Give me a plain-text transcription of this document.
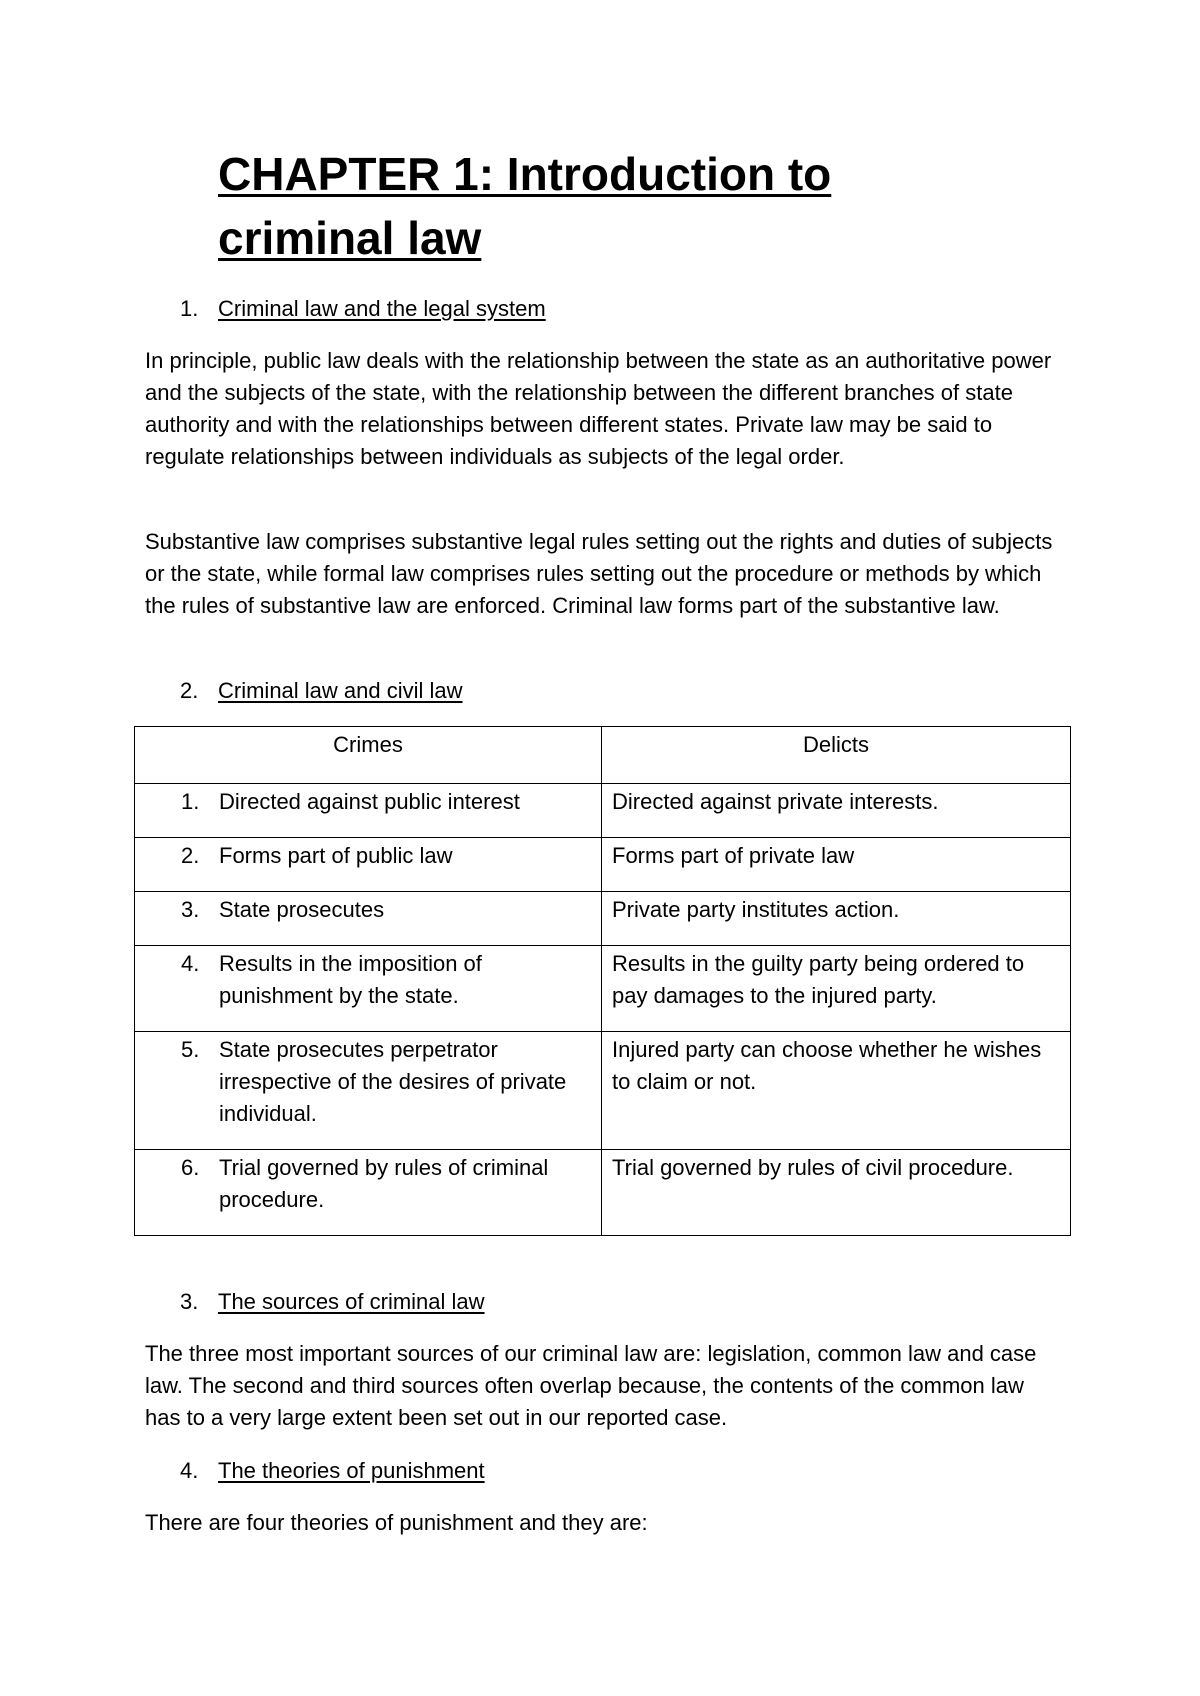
CHAPTER 1: Introduction to criminal law
1. Criminal law and the legal system

In principle, public law deals with the relationship between the state as an authoritative power and the subjects of the state, with the relationship between the different branches of state authority and with the relationships between different states. Private law may be said to regulate relationships between individuals as subjects of the legal order.

Substantive law comprises substantive legal rules setting out the rights and duties of subjects or the state, while formal law comprises rules setting out the procedure or methods by which the rules of substantive law are enforced. Criminal law forms part of the substantive law.

2. Criminal law and civil law
Crimes	Delicts

1. Directed against public interest	Directed against private interests.

2. Forms part of public law	Forms part of private law

3. State prosecutes	Private party institutes action.

4. Results in the imposition of punishment by the state.	Results in the guilty party being ordered to pay damages to the injured party.

5. State prosecutes perpetrator irrespective of the desires of private individual.	Injured party can choose whether he wishes to claim or not.

6. Trial governed by rules of criminal procedure.	Trial governed by rules of civil procedure.
3. The sources of criminal law

The three most important sources of our criminal law are: legislation, common law and case law. The second and third sources often overlap because, the contents of the common law has to a very large extent been set out in our reported case.

4. The theories of punishment

There are four theories of punishment and they are:
